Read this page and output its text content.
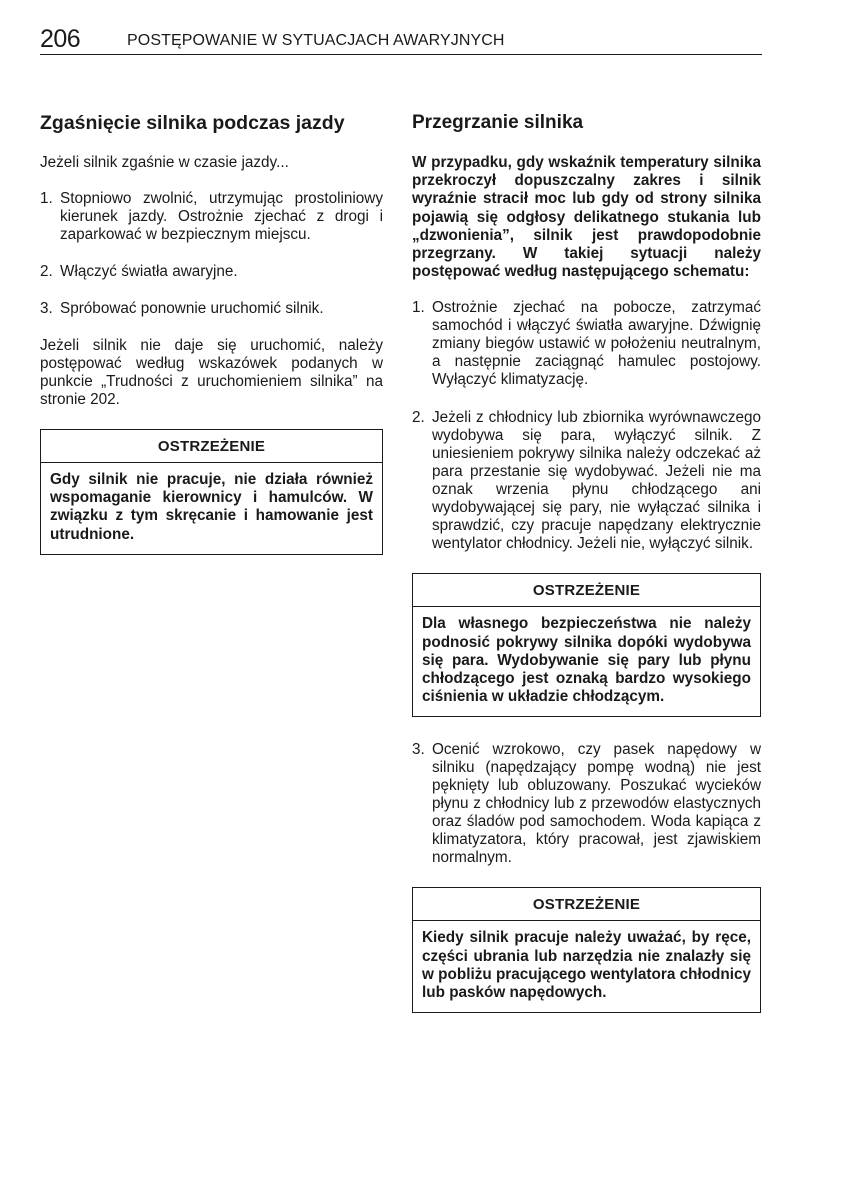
206	POSTĘPOWANIE W SYTUACJACH AWARYJNYCH
Zgaśnięcie silnika podczas jazdy

Jeżeli silnik zgaśnie w czasie jazdy...

1. Stopniowo zwolnić, utrzymując prostoliniowy kierunek jazdy. Ostrożnie zjechać z drogi i zaparkować w bezpiecznym miejscu.
2. Włączyć światła awaryjne.
3. Spróbować ponownie uruchomić silnik.

Jeżeli silnik nie daje się uruchomić, należy postępować według wskazówek podanych w punkcie „Trudności z uruchomieniem silnika” na stronie 202.

OSTRZEŻENIE
Gdy silnik nie pracuje, nie działa również wspomaganie kierownicy i hamulców. W związku z tym skręcanie i hamowanie jest utrudnione.
Przegrzanie silnika

W przypadku, gdy wskaźnik temperatury silnika przekroczył dopuszczalny zakres i silnik wyraźnie stracił moc lub gdy od strony silnika pojawią się odgłosy delikatnego stukania lub „dzwonienia”, silnik jest prawdopodobnie przegrzany. W takiej sytuacji należy postępować według następującego schematu:

1. Ostrożnie zjechać na pobocze, zatrzymać samochód i włączyć światła awaryjne. Dźwignię zmiany biegów ustawić w położeniu neutralnym, a następnie zaciągnąć hamulec postojowy. Wyłączyć klimatyzację.
2. Jeżeli z chłodnicy lub zbiornika wyrównawczego wydobywa się para, wyłączyć silnik. Z uniesieniem pokrywy silnika należy odczekać aż para przestanie się wydobywać. Jeżeli nie ma oznak wrzenia płynu chłodzącego ani wydobywającej się pary, nie wyłączać silnika i sprawdzić, czy pracuje napędzany elektrycznie wentylator chłodnicy. Jeżeli nie, wyłączyć silnik.
OSTRZEŻENIE
Dla własnego bezpieczeństwa nie należy podnosić pokrywy silnika dopóki wydobywa się para. Wydobywanie się pary lub płynu chłodzącego jest oznaką bardzo wysokiego ciśnienia w układzie chłodzącym.
3. Ocenić wzrokowo, czy pasek napędowy w silniku (napędzający pompę wodną) nie jest pęknięty lub obluzowany. Poszukać wycieków płynu z chłodnicy lub z przewodów elastycznych oraz śladów pod samochodem. Woda kapiąca z klimatyzatora, który pracował, jest zjawiskiem normalnym.
OSTRZEŻENIE
Kiedy silnik pracuje należy uważać, by ręce, części ubrania lub narzędzia nie znalazły się w pobliżu pracującego wentylatora chłodnicy lub pasków napędowych.
